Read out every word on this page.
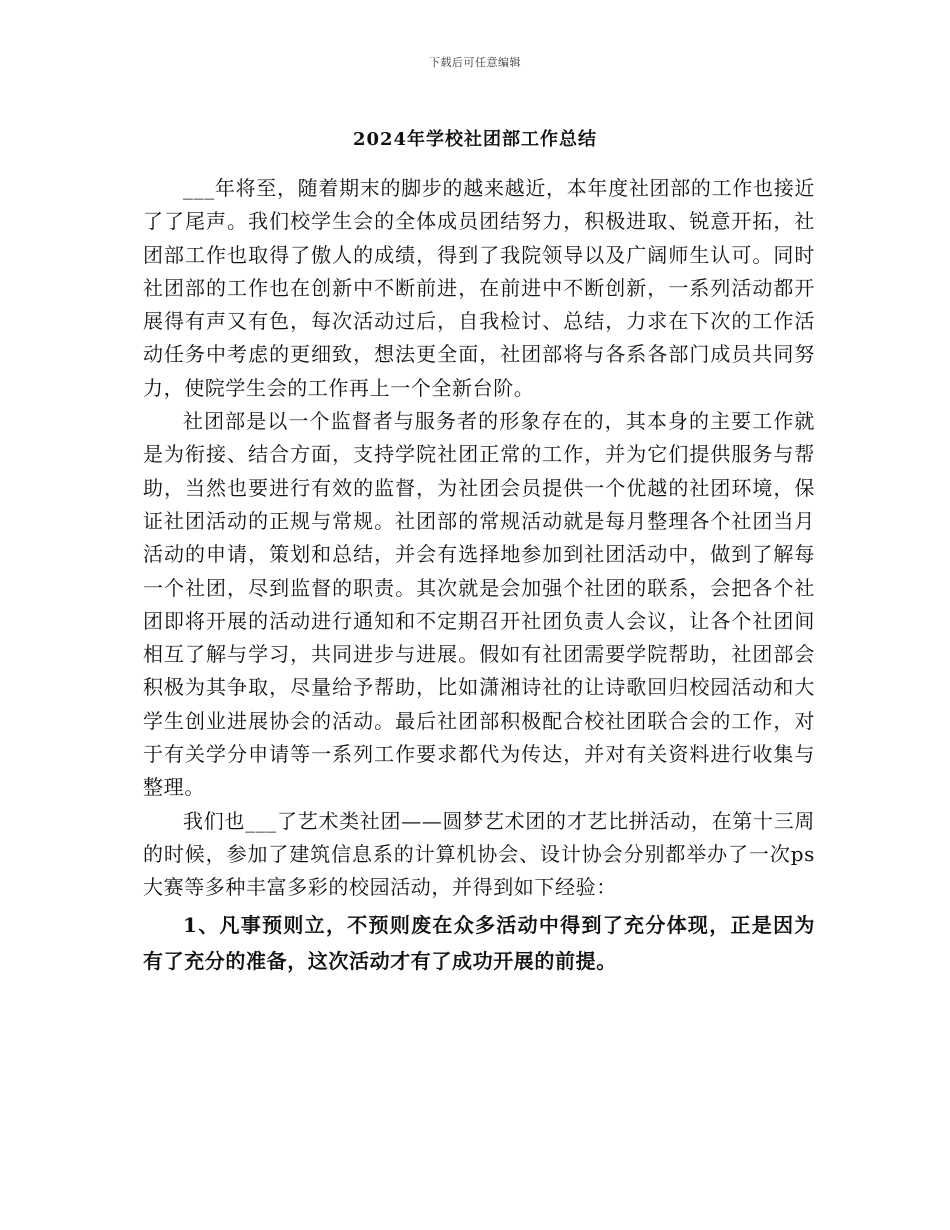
下载后可任意编辑
2024年学校社团部工作总结

___年将至，随着期末的脚步的越来越近，本年度社团部的工作也接近了了尾声。我们校学生会的全体成员团结努力，积极进取、锐意开拓，社团部工作也取得了傲人的成绩，得到了我院领导以及广阔师生认可。同时社团部的工作也在创新中不断前进，在前进中不断创新，一系列活动都开展得有声又有色，每次活动过后，自我检讨、总结，力求在下次的工作活动任务中考虑的更细致，想法更全面，社团部将与各系各部门成员共同努力，使院学生会的工作再上一个全新台阶。

社团部是以一个监督者与服务者的形象存在的，其本身的主要工作就是为衔接、结合方面，支持学院社团正常的工作，并为它们提供服务与帮助，当然也要进行有效的监督，为社团会员提供一个优越的社团环境，保证社团活动的正规与常规。社团部的常规活动就是每月整理各个社团当月活动的申请，策划和总结，并会有选择地参加到社团活动中，做到了解每一个社团，尽到监督的职责。其次就是会加强个社团的联系，会把各个社团即将开展的活动进行通知和不定期召开社团负责人会议，让各个社团间相互了解与学习，共同进步与进展。假如有社团需要学院帮助，社团部会积极为其争取，尽量给予帮助，比如潇湘诗社的让诗歌回归校园活动和大学生创业进展协会的活动。最后社团部积极配合校社团联合会的工作，对于有关学分申请等一系列工作要求都代为传达，并对有关资料进行收集与整理。

我们也___了艺术类社团——圆梦艺术团的才艺比拼活动，在第十三周的时候，参加了建筑信息系的计算机协会、设计协会分别都举办了一次ps大赛等多种丰富多彩的校园活动，并得到如下经验：

1、凡事预则立，不预则废在众多活动中得到了充分体现，正是因为有了充分的准备，这次活动才有了成功开展的前提。
